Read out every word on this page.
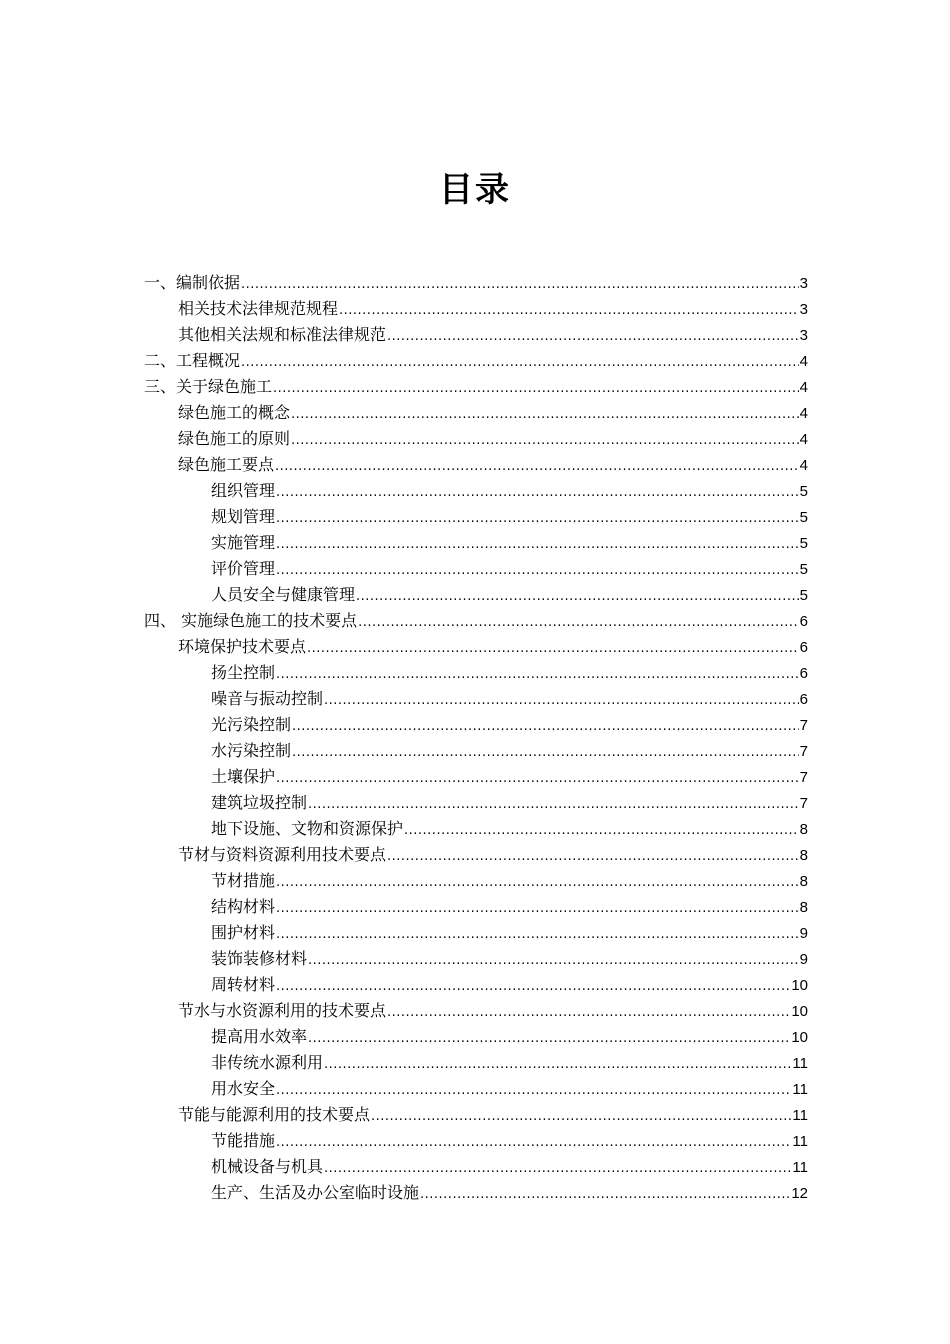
目录
一、编制依据 .....	3
相关技术法律规范规程 .....	3
其他相关法规和标准法律规范 .....	3
二、工程概况 .....	4
三、关于绿色施工 .....	4
绿色施工的概念 .....	4
绿色施工的原则 .....	4
绿色施工要点 .....	4
组织管理 .....	5
规划管理 .....	5
实施管理 .....	5
评价管理 .....	5
人员安全与健康管理 .....	5
四、 实施绿色施工的技术要点 .....	6
环境保护技术要点 .....	6
扬尘控制 .....	6
噪音与振动控制 .....	6
光污染控制 .....	7
水污染控制 .....	7
土壤保护 .....	7
建筑垃圾控制 .....	7
地下设施、文物和资源保护 .....	8
节材与资料资源利用技术要点 .....	8
节材措施 .....	8
结构材料 .....	8
围护材料 .....	9
装饰装修材料 .....	9
周转材料 .....	10
节水与水资源利用的技术要点 .....	10
提高用水效率 .....	10
非传统水源利用 .....	11
用水安全 .....	11
节能与能源利用的技术要点 .....	11
节能措施 .....	11
机械设备与机具 .....	11
生产、生活及办公室临时设施 .....	12
